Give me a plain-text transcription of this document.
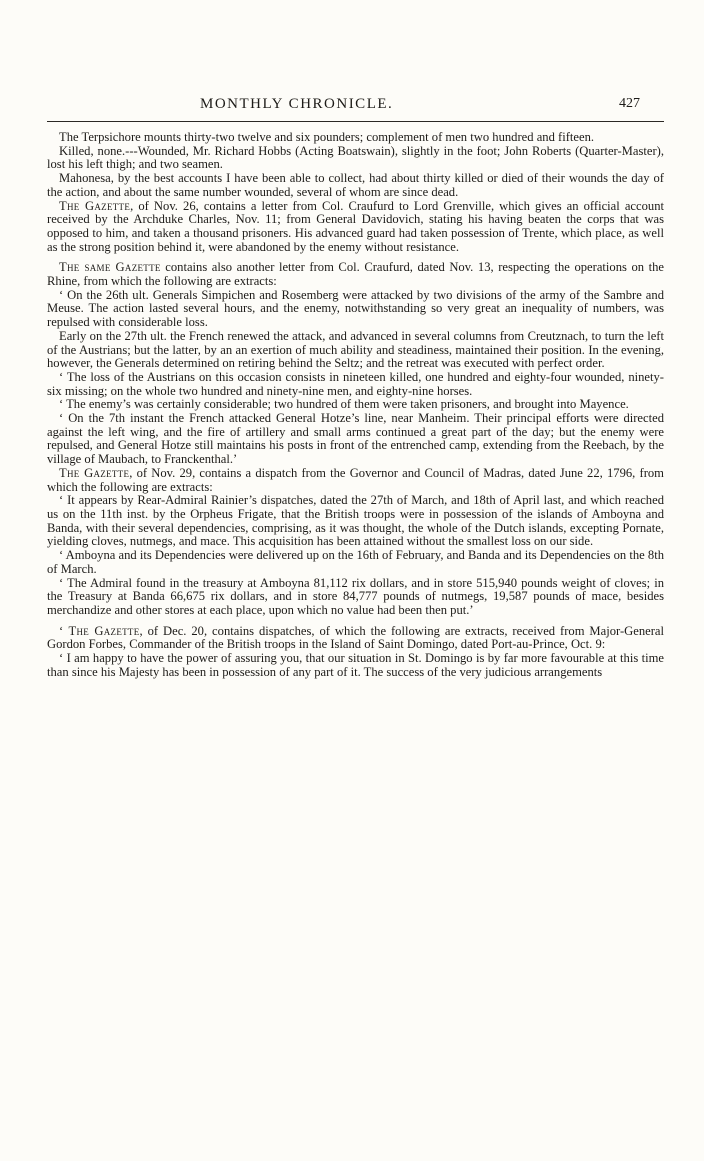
MONTHLY CHRONICLE.	427

The Terpsichore mounts thirty-two twelve and six pounders; complement of men two hundred and fifteen.

Killed, none.---Wounded, Mr. Richard Hobbs (Acting Boatswain), slightly in the foot; John Roberts (Quarter-Master), lost his left thigh; and two seamen.

Mahonesa, by the best accounts I have been able to collect, had about thirty killed or died of their wounds the day of the action, and about the same number wounded, several of whom are since dead.

The Gazette, of Nov. 26, contains a letter from Col. Craufurd to Lord Grenville, which gives an official account received by the Archduke Charles, Nov. 11; from General Davidovich, stating his having beaten the corps that was opposed to him, and taken a thousand prisoners. His advanced guard had taken possession of Trente, which place, as well as the strong position behind it, were abandoned by the enemy without resistance.

The same Gazette contains also another letter from Col. Craufurd, dated Nov. 13, respecting the operations on the Rhine, from which the following are extracts:

‘ On the 26th ult. Generals Simpichen and Rosemberg were attacked by two divisions of the army of the Sambre and Meuse. The action lasted several hours, and the enemy, notwithstanding so very great an inequality of numbers, was repulsed with considerable loss.

Early on the 27th ult. the French renewed the attack, and advanced in several columns from Creutznach, to turn the left of the Austrians; but the latter, by an an exertion of much ability and steadiness, maintained their position. In the evening, however, the Generals determined on retiring behind the Seltz; and the retreat was executed with perfect order.

‘ The loss of the Austrians on this occasion consists in nineteen killed, one hundred and eighty-four wounded, ninety-six missing; on the whole two hundred and ninety-nine men, and eighty-nine horses.

‘ The enemy’s was certainly considerable; two hundred of them were taken prisoners, and brought into Mayence.

‘ On the 7th instant the French attacked General Hotze’s line, near Manheim. Their principal efforts were directed against the left wing, and the fire of artillery and small arms continued a great part of the day; but the enemy were repulsed, and General Hotze still maintains his posts in front of the entrenched camp, extending from the Reebach, by the village of Maubach, to Franckenthal.’

The Gazette, of Nov. 29, contains a dispatch from the Governor and Council of Madras, dated June 22, 1796, from which the following are extracts:

‘ It appears by Rear-Admiral Rainier’s dispatches, dated the 27th of March, and 18th of April last, and which reached us on the 11th inst. by the Orpheus Frigate, that the British troops were in possession of the islands of Amboyna and Banda, with their several dependencies, comprising, as it was thought, the whole of the Dutch islands, excepting Pornate, yielding cloves, nutmegs, and mace. This acquisition has been attained without the smallest loss on our side.

‘ Amboyna and its Dependencies were delivered up on the 16th of February, and Banda and its Dependencies on the 8th of March.

‘ The Admiral found in the treasury at Amboyna 81,112 rix dollars, and in store 515,940 pounds weight of cloves; in the Treasury at Banda 66,675 rix dollars, and in store 84,777 pounds of nutmegs, 19,587 pounds of mace, besides merchandize and other stores at each place, upon which no value had been then put.’

‘ The Gazette, of Dec. 20, contains dispatches, of which the following are extracts, received from Major-General Gordon Forbes, Commander of the British troops in the Island of Saint Domingo, dated Port-au-Prince, Oct. 9:

‘ I am happy to have the power of assuring you, that our situation in St. Domingo is by far more favourable at this time than since his Majesty has been in possession of any part of it. The success of the very judicious arrangements
